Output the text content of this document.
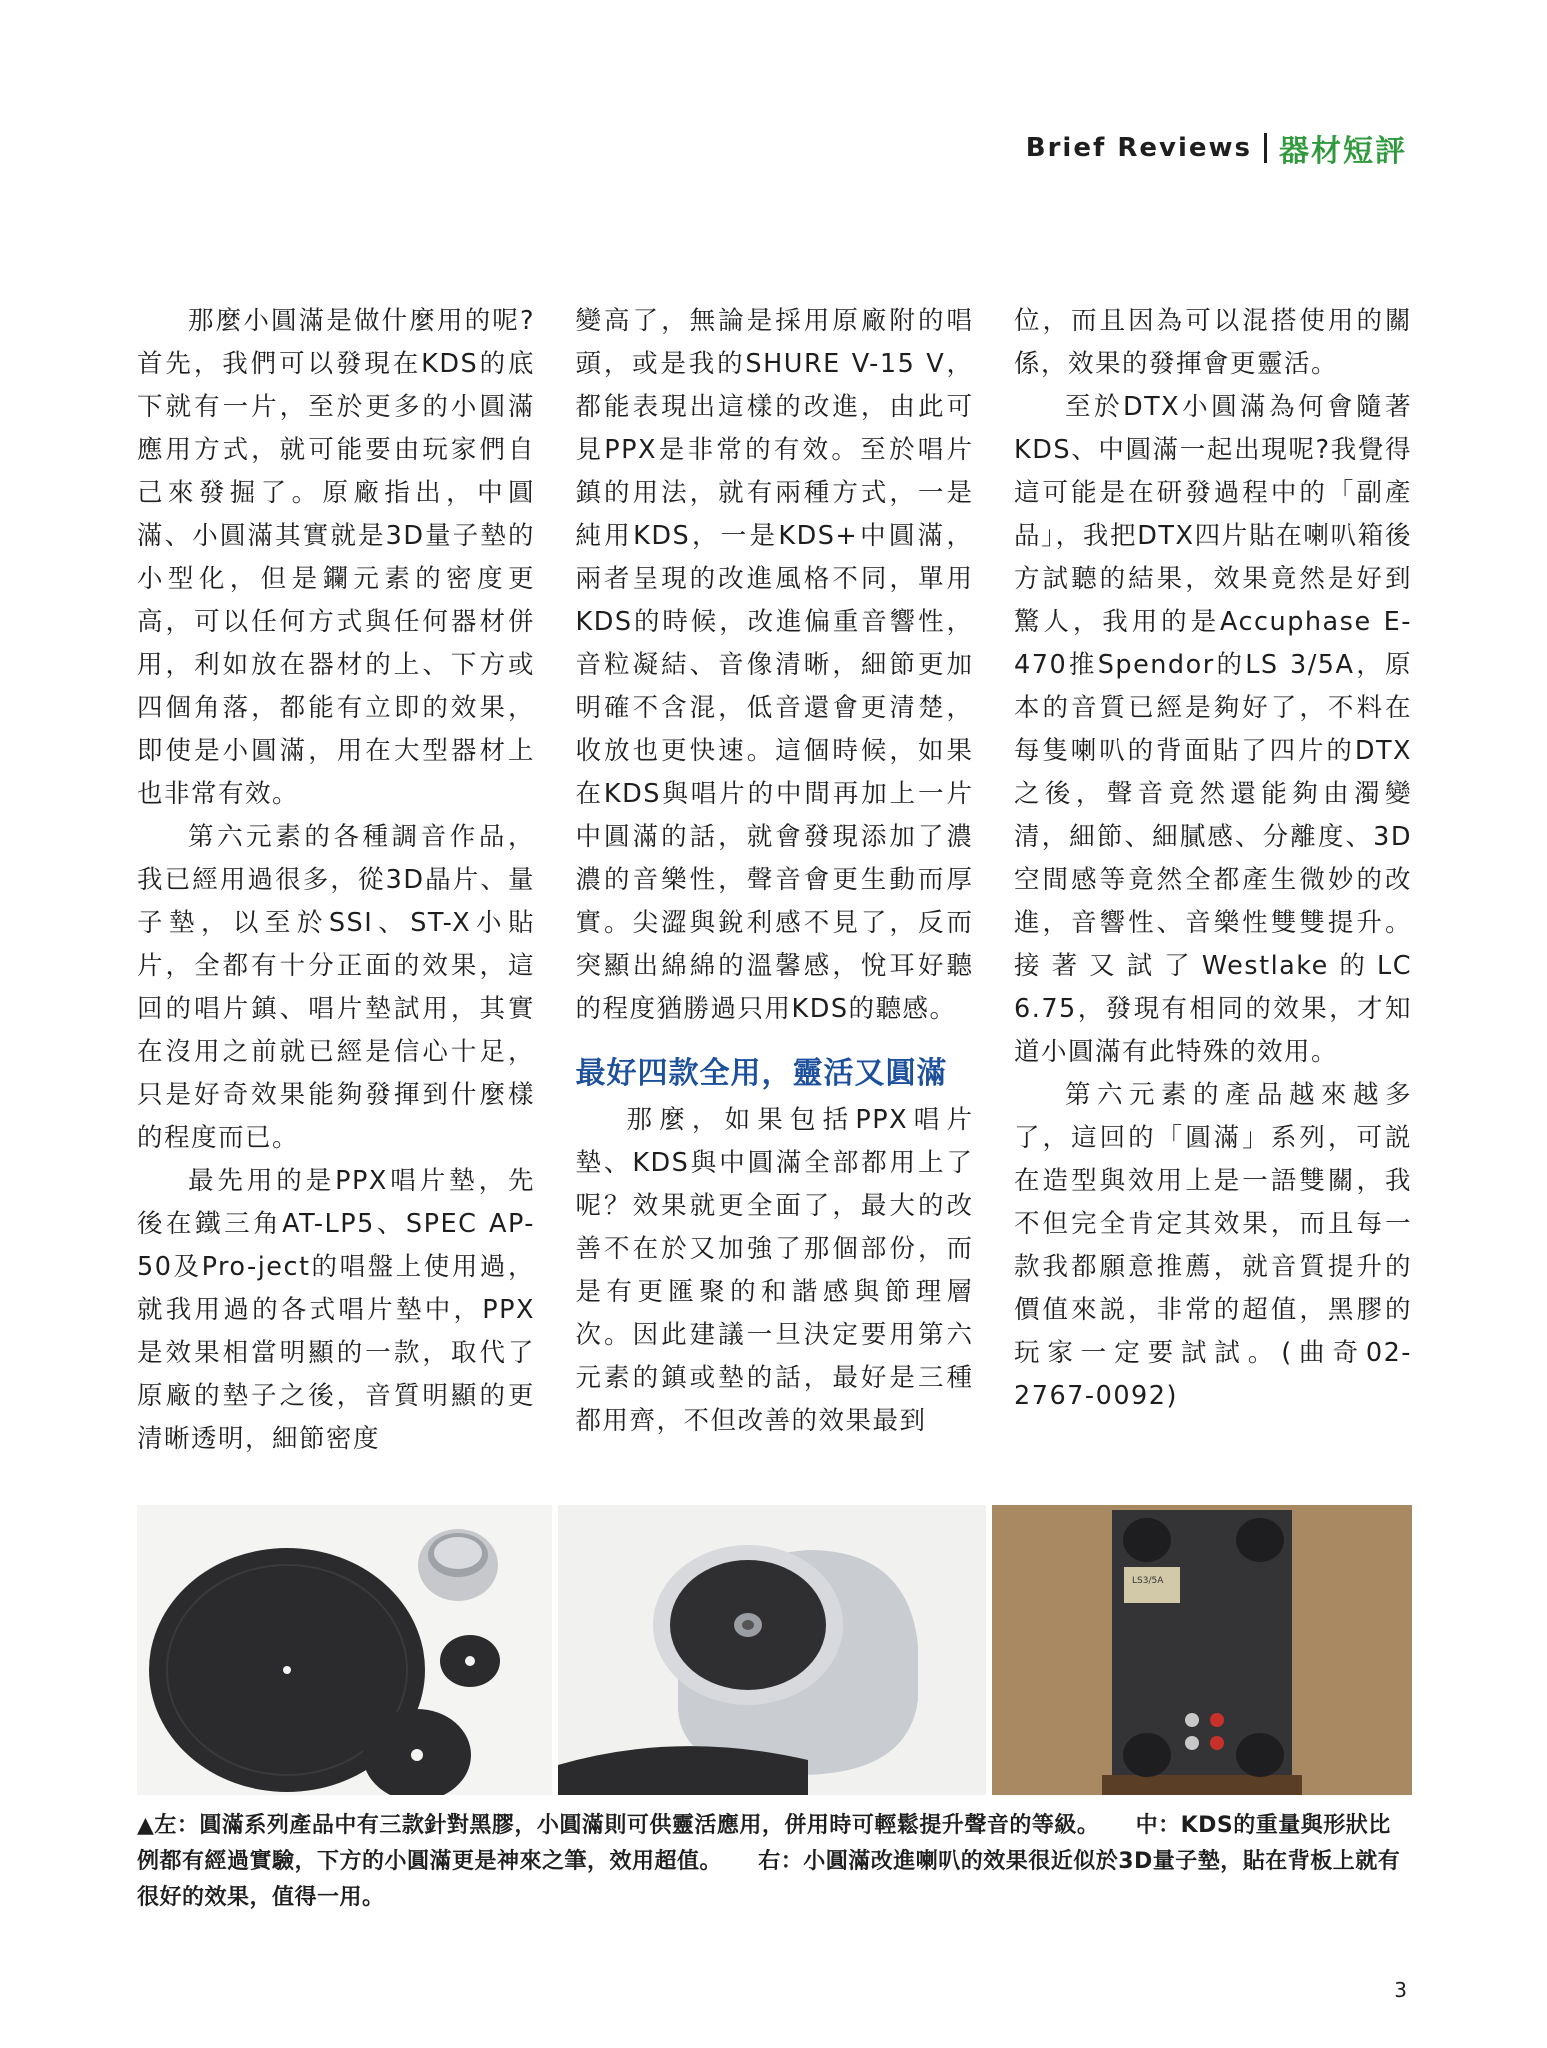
Brief Reviews 器材短評

那麼小圓滿是做什麼用的呢?首先，我們可以發現在KDS的底下就有一片，至於更多的小圓滿應用方式，就可能要由玩家們自己來發掘了。原廠指出，中圓滿、小圓滿其實就是3D量子墊的小型化，但是鑭元素的密度更高，可以任何方式與任何器材併用，利如放在器材的上、下方或四個角落，都能有立即的效果，即使是小圓滿，用在大型器材上也非常有效。

第六元素的各種調音作品，我已經用過很多，從3D晶片、量子墊，以至於SSI、ST-X小貼片，全都有十分正面的效果，這回的唱片鎮、唱片墊試用，其實在沒用之前就已經是信心十足，只是好奇效果能夠發揮到什麼樣的程度而已。

最先用的是PPX唱片墊，先後在鐵三角AT-LP5、SPEC AP-50及Pro-ject的唱盤上使用過，就我用過的各式唱片墊中，PPX是效果相當明顯的一款，取代了原廠的墊子之後，音質明顯的更清晰透明，細節密度

變高了，無論是採用原廠附的唱頭，或是我的SHURE V-15 V，都能表現出這樣的改進，由此可見PPX是非常的有效。至於唱片鎮的用法，就有兩種方式，一是純用KDS，一是KDS+中圓滿，兩者呈現的改進風格不同，單用KDS的時候，改進偏重音響性，音粒凝結、音像清晰，細節更加明確不含混，低音還會更清楚，收放也更快速。這個時候，如果在KDS與唱片的中間再加上一片中圓滿的話，就會發現添加了濃濃的音樂性，聲音會更生動而厚實。尖澀與銳利感不見了，反而突顯出綿綿的溫馨感，悅耳好聽的程度猶勝過只用KDS的聽感。

最好四款全用，靈活又圓滿

那麼，如果包括PPX唱片墊、KDS與中圓滿全部都用上了呢？效果就更全面了，最大的改善不在於又加強了那個部份，而是有更匯聚的和諧感與節理層次。因此建議一旦決定要用第六元素的鎮或墊的話，最好是三種都用齊，不但改善的效果最到

位，而且因為可以混搭使用的關係，效果的發揮會更靈活。

至於DTX小圓滿為何會隨著KDS、中圓滿一起出現呢?我覺得這可能是在研發過程中的「副產品」，我把DTX四片貼在喇叭箱後方試聽的結果，效果竟然是好到驚人，我用的是Accuphase E-470推Spendor的LS 3/5A，原本的音質已經是夠好了，不料在每隻喇叭的背面貼了四片的DTX之後，聲音竟然還能夠由濁變清，細節、細膩感、分離度、3D空間感等竟然全都產生微妙的改進，音響性、音樂性雙雙提升。接著又試了Westlake的LC 6.75，發現有相同的效果，才知道小圓滿有此特殊的效用。

第六元素的產品越來越多了，這回的「圓滿」系列，可説在造型與效用上是一語雙關，我不但完全肯定其效果，而且每一款我都願意推薦，就音質提升的價值來説，非常的超值，黑膠的玩家一定要試試。(曲奇02-2767-0092)

LS3/5A
▲左：圓滿系列產品中有三款針對黑膠，小圓滿則可供靈活應用，併用時可輕鬆提升聲音的等級。 中：KDS的重量與形狀比例都有經過實驗，下方的小圓滿更是神來之筆，效用超值。 右：小圓滿改進喇叭的效果很近似於3D量子墊，貼在背板上就有很好的效果，值得一用。
3
